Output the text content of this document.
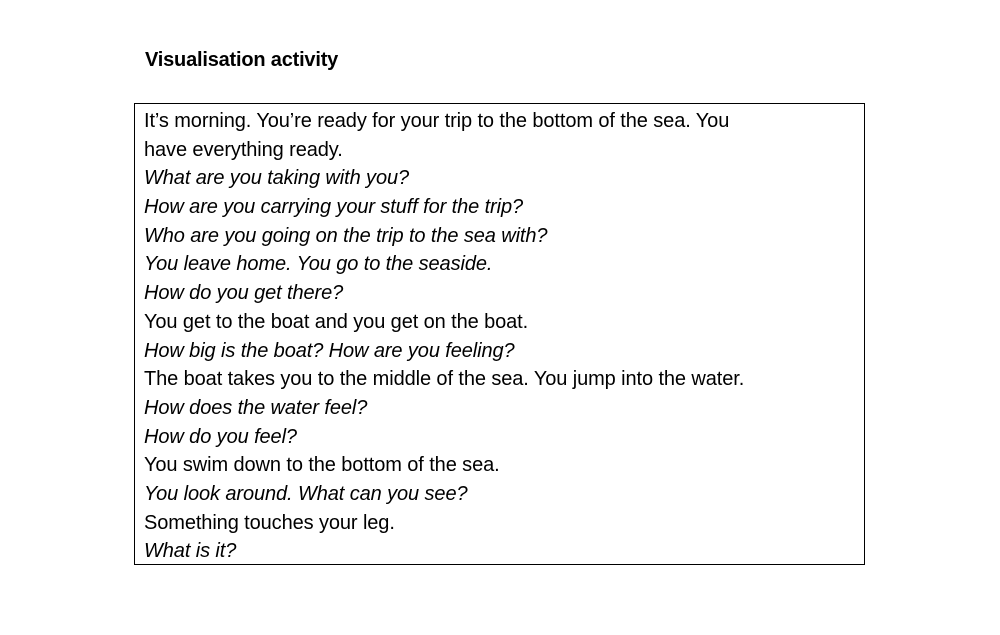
Visualisation activity
It’s morning. You’re ready for your trip to the bottom of the sea. You
have everything ready.
What are you taking with you?
How are you carrying your stuff for the trip?
Who are you going on the trip to the sea with?
You leave home. You go to the seaside.
How do you get there?
You get to the boat and you get on the boat.
How big is the boat? How are you feeling?
The boat takes you to the middle of the sea. You jump into the water.
How does the water feel?
How do you feel?
You swim down to the bottom of the sea.
You look around. What can you see?
Something touches your leg.
What is it?
